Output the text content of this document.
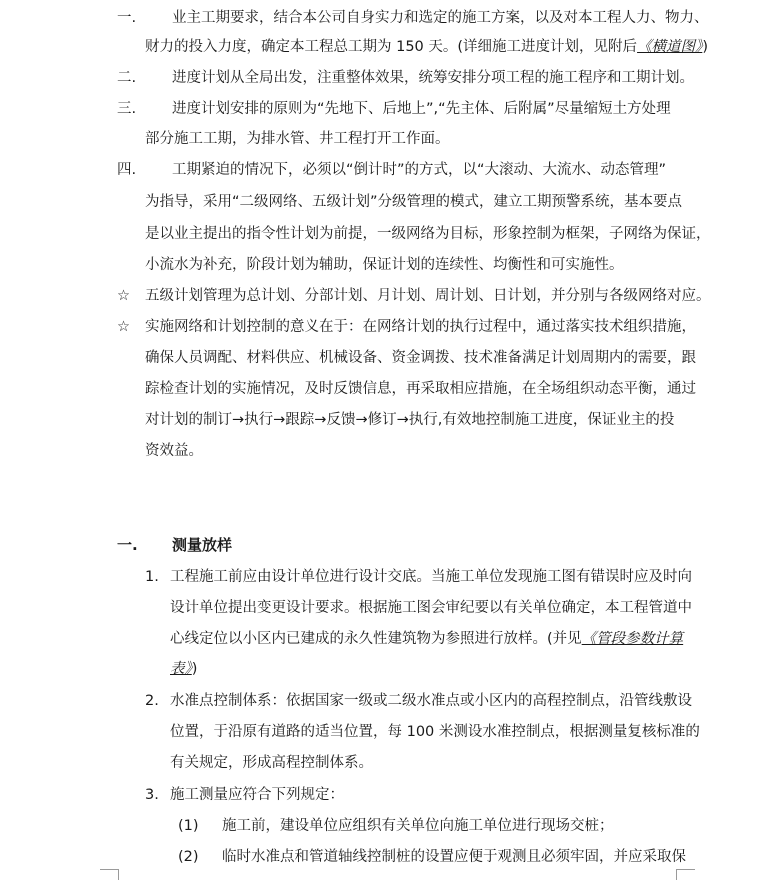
一. 业主工期要求，结合本公司自身实力和选定的施工方案，以及对本工程人力、物力、
财力的投入力度，确定本工程总工期为 150 天。(详细施工进度计划，见附后《横道图》)
二. 进度计划从全局出发，注重整体效果，统筹安排分项工程的施工程序和工期计划。
三. 进度计划安排的原则为“先地下、后地上”,“先主体、后附属”尽量缩短土方处理
部分施工工期，为排水管、井工程打开工作面。
四. 工期紧迫的情况下，必须以“倒计时”的方式，以“大滚动、大流水、动态管理”
为指导，采用“二级网络、五级计划”分级管理的模式，建立工期预警系统，基本要点
是以业主提出的指令性计划为前提，一级网络为目标，形象控制为框架，子网络为保证，
小流水为补充，阶段计划为辅助，保证计划的连续性、均衡性和可实施性。
☆ 五级计划管理为总计划、分部计划、月计划、周计划、日计划，并分别与各级网络对应。
☆ 实施网络和计划控制的意义在于：在网络计划的执行过程中，通过落实技术组织措施，
确保人员调配、材料供应、机械设备、资金调拨、技术准备满足计划周期内的需要，跟
踪检查计划的实施情况，及时反馈信息，再采取相应措施，在全场组织动态平衡，通过
对计划的制订→执行→跟踪→反馈→修订→执行,有效地控制施工进度，保证业主的投
资效益。
一. 测量放样
1. 工程施工前应由设计单位进行设计交底。当施工单位发现施工图有错误时应及时向
设计单位提出变更设计要求。根据施工图会审纪要以有关单位确定，本工程管道中
心线定位以小区内已建成的永久性建筑物为参照进行放样。(并见《管段参数计算
表》)
2. 水准点控制体系：依据国家一级或二级水准点或小区内的高程控制点，沿管线敷设
位置，于沿原有道路的适当位置，每 100 米测设水准控制点，根据测量复核标准的
有关规定，形成高程控制体系。
3. 施工测量应符合下列规定：
(1) 施工前，建设单位应组织有关单位向施工单位进行现场交桩；
(2) 临时水准点和管道轴线控制桩的设置应便于观测且必须牢固，并应采取保
